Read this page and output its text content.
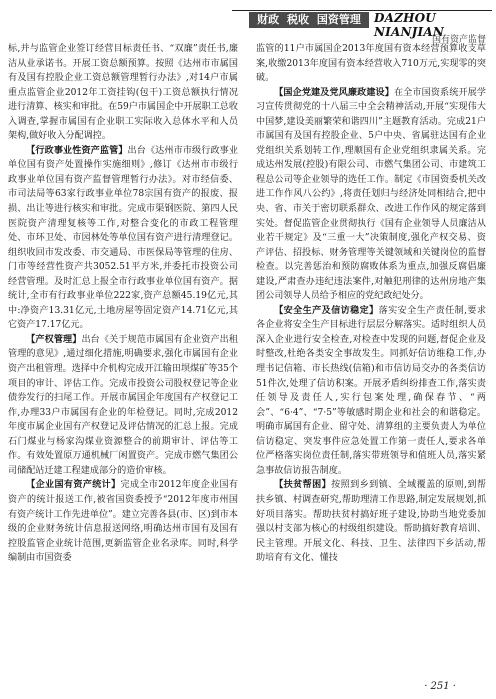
财政 税收 国资管理	DAZHOU NIANJIAN
国有资产监督

标,并与监管企业签订经营目标责任书、“双廉”责任书,廉洁从业承诺书。开展工资总额预算。按照《达州市市属国有及国有控股企业工资总额管理暂行办法》,对14户市属重点监管企业2012年工资挂钩(包干)工资总额执行情况进行清算、核实和审批。在59户市属国企中开展职工总收入调查,掌握市属国有企业职工实际收入总体水平和人员架构,做好收入分配调控。

【行政事业性资产监管】出台《达州市市级行政事业单位国有资产处置操作实施细则》,修订《达州市市级行政事业单位国有资产监督管理暂行办法》。对市经信委、市司法局等63家行政事业单位78宗国有资产的报废、报损、出让等进行核实和审批。完成市渠钢医院、第四人民医院资产清理复核等工作,对整合变化的市政工程管理处、市环卫处、市园林处等单位国有资产进行清理登记。组织收回市发改委、市交通局、市医保局等管理的住房、门市等经营性资产共3052.51平方米,并委托市投资公司经营管理。及时汇总上报全市行政事业单位国有资产。据统计,全市有行政事业单位222家,资产总额45.19亿元,其中:净资产13.31亿元,土地房屋等固定资产14.71亿元,其它资产17.17亿元。

【产权管理】出台《关于规范市属国有企业资产出租管理的意见》,通过细化措施,明确要求,强化市属国有企业资产出租管理。选择中介机构完成开江输田坝煤矿等35个项目的审计、评估工作。完成市投资公司股权登记等企业债券发行的扫尾工作。开展市属国企年度国有产权登记工作,办理33户市属国有企业的年检登记。同时,完成2012年度市属企业国有产权登记及评估情况的汇总上报。完成石门煤业与杨家沟煤业资源整合的前期审计、评估等工作。有效处置原万通机械厂闲置资产。完成市燃气集团公司储配站迁建工程建成部分的造价审核。

【企业国有资产统计】完成全市2012年度企业国有资产的统计报送工作,被省国资委授予“2012年度市州国有资产统计工作先进单位”。建立完善各县(市、区)到市本级的企业财务统计信息报送网络,明确达州市国有及国有控股监管企业统计范围,更新监管企业名录库。同时,科学编制由市国资委

监管的11户市属国企2013年度国有资本经营预算收支草案,收缴2013年度国有资本经营收入710万元,实现零的突破。

【国企党建及党风廉政建设】在全市国资系统开展学习宣传贯彻党的十八届三中全会精神活动,开展“实现伟大中国梦,建设美丽繁荣和谐四川”主题教育活动。完成21户市属国有及国有控股企业、5户中央、省属驻达国有企业党组织关系划转工作,理顺国有企业党组织隶属关系。完成达州发展(控股)有限公司、市燃气集团公司、市建筑工程总公司等企业领导的选任工作。制定《市国资委机关改进工作作风八公约》,将责任划归与经济处同相结合,把中央、省、市关于密切联系群众、改进工作作风的规定落到实处。督促监管企业贯彻执行《国有企业领导人员廉洁从业若干规定》及“三重一大”决策制度,强化产权交易、资产评估、招投标、财务管理等关键领域和关键岗位的监督检查。以完善惩治和预防腐败体系为重点,加强反腐倡廉建设,严肃查办违纪违法案件,对触犯刑律的达州房地产集团公司领导人员给予相应的党纪政纪处分。

【安全生产及信访稳定】落实安全生产责任制,要求各企业将安全生产目标进行层层分解落实。适时组织人员深入企业进行安全检查,对检查中发现的问题,督促企业及时整改,杜绝各类安全事故发生。同抓好信访维稳工作,办理书记信箱、市长热线(信箱)和市信访局交办的各类信访51件次,处理了信访积案。开展矛盾纠纷排查工作,落实责任领导及责任人,实行包案处理,确保春节、“两会”、“6·4”、“7·5”等敏感时期企业和社会的和谐稳定。明确市属国有企业、留守处、清算组的主要负责人为单位信访稳定、突发事件应急处置工作第一责任人,要求各单位严格落实岗位责任制,落实带班领导和值班人员,落实紧急事故信访报告制度。

【扶贫帮困】按照到乡到镇、全域覆盖的原则,到帮扶乡镇、村调查研究,帮助理清工作思路,制定发展规划,抓好项目落实。帮助扶贫村搞好班子建设,协助当地党委加强以村支部为核心的村级组织建设。帮助搞好教育培训、民主管理。开展文化、科技、卫生、法律四下乡活动,帮助培育有文化、懂技

· 251 ·
